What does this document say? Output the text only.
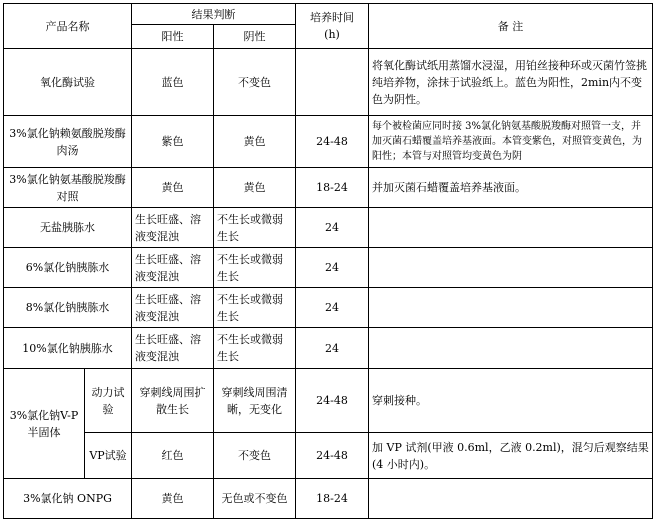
产品名称		结果判断		培养时间
(h)	备 注
		阳性	阴性		
氧化酶试验		蓝色	不变色		将氧化酶试纸用蒸馏水浸湿，用铂丝接种环或灭菌竹签挑纯培养物，涂抹于试验纸上。蓝色为阳性，2min内不变色为阴性。
3%氯化钠赖氨酸脱羧酶肉汤		紫色	黄色	24-48	每个被检菌应同时接 3%氯化钠氨基酸脱羧酶对照管一支，并加灭菌石蜡覆盖培养基液面。本管变紫色，对照管变黄色，为阳性；本管与对照管均变黄色为阴
3%氯化钠氨基酸脱羧酶对照		黄色	黄色	18-24	并加灭菌石蜡覆盖培养基液面。
无盐胰胨水		生长旺盛、溶液变混浊	不生长或微弱生长	24	
6%氯化钠胰胨水		生长旺盛、溶液变混浊	不生长或微弱生长	24	
8%氯化钠胰胨水		生长旺盛、溶液变混浊	不生长或微弱生长	24	
10%氯化钠胰胨水		生长旺盛、溶液变混浊	不生长或微弱生长	24	
3%氯化钠V-P半固体	动力试验	穿刺线周围扩散生长	穿刺线周围清晰，无变化	24-48	穿刺接种。
	VP试验	红色	不变色	24-48	加 VP 试剂(甲液 0.6ml，乙液 0.2ml)，混匀后观察结果(4 小时内)。
3%氯化钠 ONPG		黄色	无色或不变色	18-24	
